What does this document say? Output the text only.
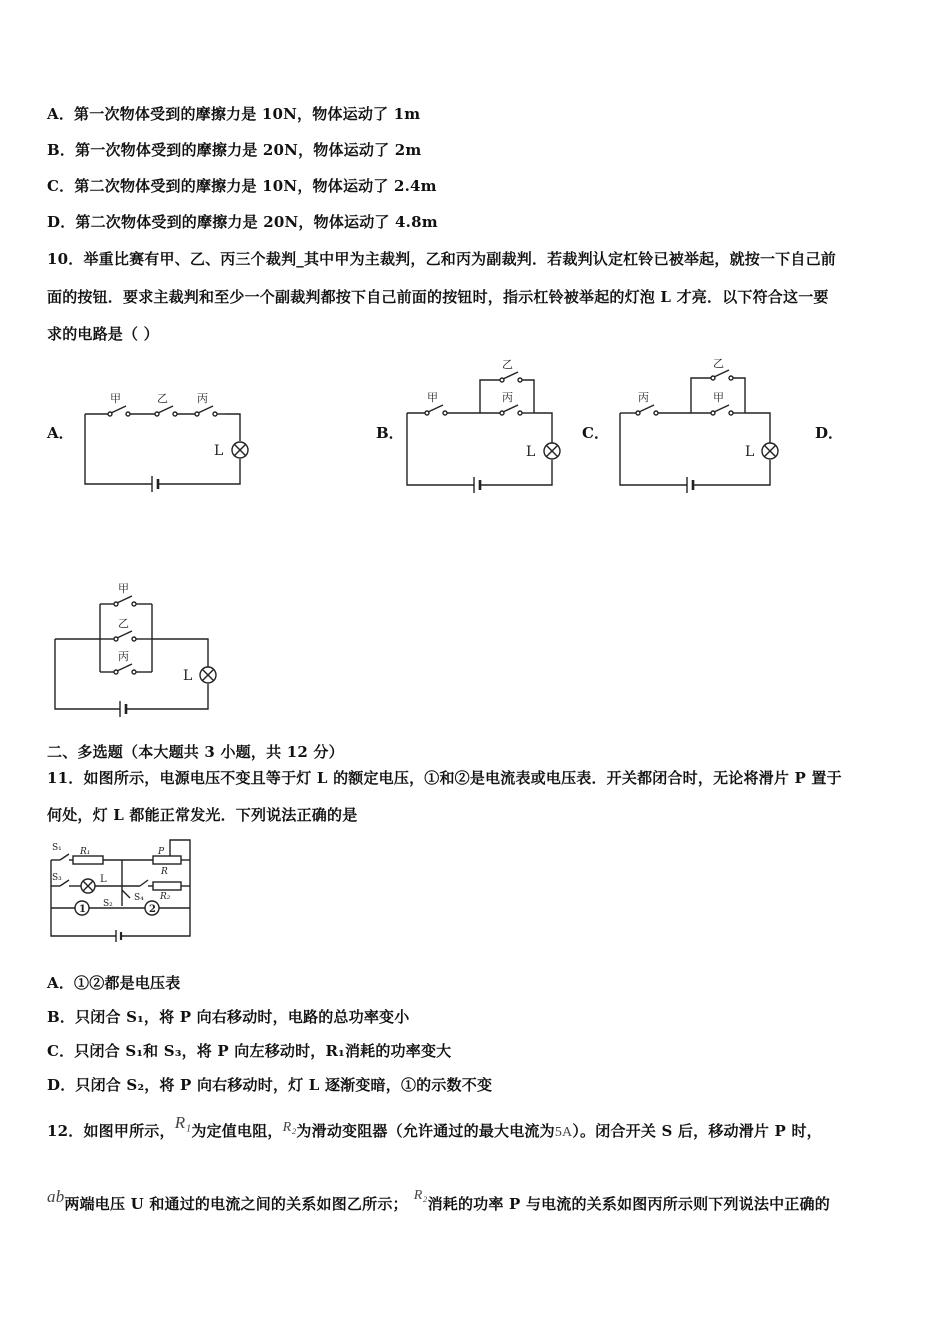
A．第一次物体受到的摩擦力是 10N，物体运动了 1m
B．第一次物体受到的摩擦力是 20N，物体运动了 2m
C．第二次物体受到的摩擦力是 10N，物体运动了 2.4m
D．第二次物体受到的摩擦力是 20N，物体运动了 4.8m
10．举重比赛有甲、乙、丙三个裁判_其中甲为主裁判，乙和丙为副裁判．若裁判认定杠铃已被举起，就按一下自己前
面的按钮．要求主裁判和至少一个副裁判都按下自己前面的按钮时，指示杠铃被举起的灯泡 L 才亮．以下符合这一要
求的电路是（ ）
A．	B．	C．	D．
L
甲	乙	丙
L
甲
乙
丙
L
丙
乙
甲
L
甲
乙
丙
二、多选题（本大题共 3 小题，共 12 分）
11．如图所示，电源电压不变且等于灯 L 的额定电压，①和②是电流表或电压表．开关都闭合时，无论将滑片 P 置于
何处，灯 L 都能正常发光．下列说法正确的是
S₁ R₁	P
R
S₃	L
S₄ R₂
S₂
1	2
A．①②都是电压表
B．只闭合 S₁，将 P 向右移动时，电路的总功率变小
C．只闭合 S₁和 S₃，将 P 向左移动时，R₁消耗的功率变大
D．只闭合 S₂，将 P 向右移动时，灯 L 逐渐变暗，①的示数不变
12．如图甲所示，R₁为定值电阻，R₂为滑动变阻器（允许通过的最大电流为5A）。闭合开关 S 后，移动滑片 P 时，
ab两端电压 U 和通过的电流之间的关系如图乙所示； R₂消耗的功率 P 与电流的关系如图丙所示则下列说法中正确的
